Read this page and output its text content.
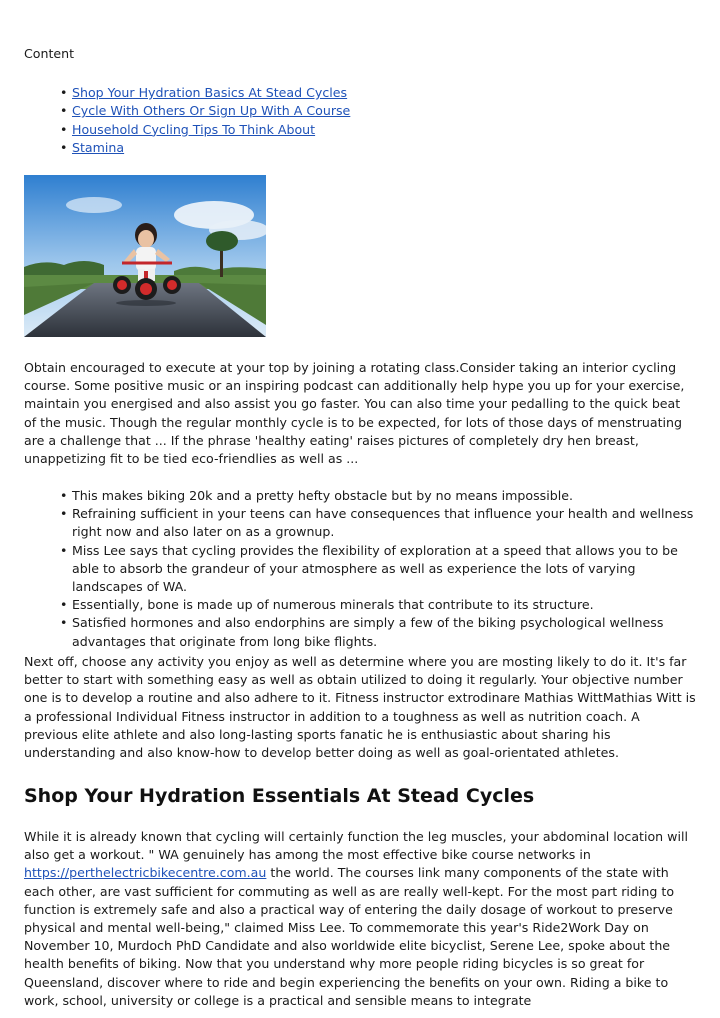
Content
• Shop Your Hydration Basics At Stead Cycles
• Cycle With Others Or Sign Up With A Course
• Household Cycling Tips To Think About
• Stamina

Obtain encouraged to execute at your top by joining a rotating class.Consider taking an interior cycling course. Some positive music or an inspiring podcast can additionally help hype you up for your exercise, maintain you energised and also assist you go faster. You can also time your pedalling to the quick beat of the music. Though the regular monthly cycle is to be expected, for lots of those days of menstruating are a challenge that ... If the phrase 'healthy eating' raises pictures of completely dry hen breast, unappetizing fit to be tied eco-friendlies as well as ...

• This makes biking 20k and a pretty hefty obstacle but by no means impossible.
• Refraining sufficient in your teens can have consequences that influence your health and wellness right now and also later on as a grownup.
• Miss Lee says that cycling provides the flexibility of exploration at a speed that allows you to be able to absorb the grandeur of your atmosphere as well as experience the lots of varying landscapes of WA.
• Essentially, bone is made up of numerous minerals that contribute to its structure.
• Satisfied hormones and also endorphins are simply a few of the biking psychological wellness advantages that originate from long bike flights.

Next off, choose any activity you enjoy as well as determine where you are mosting likely to do it. It's far better to start with something easy as well as obtain utilized to doing it regularly. Your objective number one is to develop a routine and also adhere to it. Fitness instructor extrodinare Mathias WittMathias Witt is a professional Individual Fitness instructor in addition to a toughness as well as nutrition coach. A previous elite athlete and also long-lasting sports fanatic he is enthusiastic about sharing his understanding and also know-how to develop better doing as well as goal-orientated athletes.

Shop Your Hydration Essentials At Stead Cycles

While it is already known that cycling will certainly function the leg muscles, your abdominal location will also get a workout. " WA genuinely has among the most effective bike course networks in https://perthelectricbikecentre.com.au the world. The courses link many components of the state with each other, are vast sufficient for commuting as well as are really well-kept. For the most part riding to function is extremely safe and also a practical way of entering the daily dosage of workout to preserve physical and mental well-being," claimed Miss Lee. To commemorate this year's Ride2Work Day on November 10, Murdoch PhD Candidate and also worldwide elite bicyclist, Serene Lee, spoke about the health benefits of biking. Now that you understand why more people riding bicycles is so great for Queensland, discover where to ride and begin experiencing the benefits on your own. Riding a bike to work, school, university or college is a practical and sensible means to integrate
